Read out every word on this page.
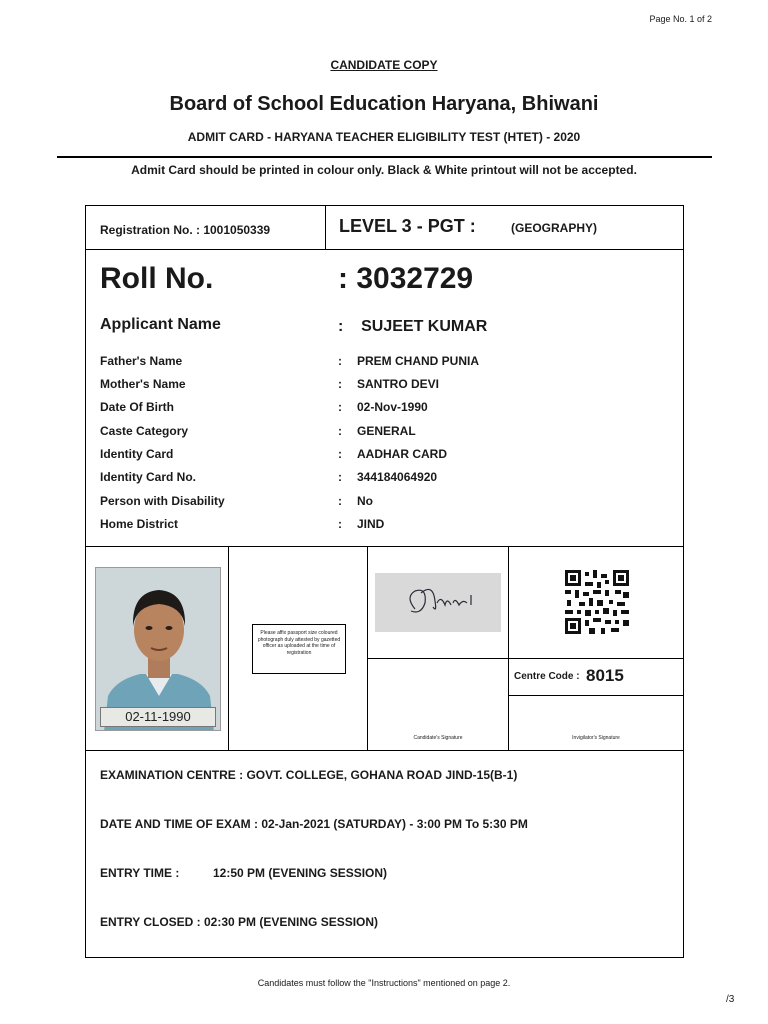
Page No. 1 of 2
CANDIDATE COPY
Board of School Education Haryana, Bhiwani
ADMIT CARD - HARYANA TEACHER ELIGIBILITY TEST (HTET) - 2020
Admit Card should be printed in colour only. Black & White printout will not be accepted.
Registration No. : 1001050339	LEVEL 3 - PGT :	(GEOGRAPHY)
Roll No.	: 3032729
Applicant Name	: SUJEET KUMAR
Father's Name	: PREM CHAND PUNIA
Mother's Name	: SANTRO DEVI
Date Of Birth	: 02-Nov-1990
Caste Category	: GENERAL
Identity Card	: AADHAR CARD
Identity Card No.	: 344184064920
Person with Disability	: No
Home District	: JIND
02-11-1990
Please affix passport size coloured photograph duly attested by gazetted officer as uploaded at the time of registration
Centre Code : 8015
Candidate's Signature	Invigilator's Signature
EXAMINATION CENTRE : GOVT. COLLEGE, GOHANA ROAD JIND-15(B-1)
DATE AND TIME OF EXAM : 02-Jan-2021 (SATURDAY) - 3:00 PM To 5:30 PM
ENTRY TIME :	12:50 PM (EVENING SESSION)
ENTRY CLOSED : 02:30 PM (EVENING SESSION)
Candidates must follow the "Instructions" mentioned on page 2.
/3
